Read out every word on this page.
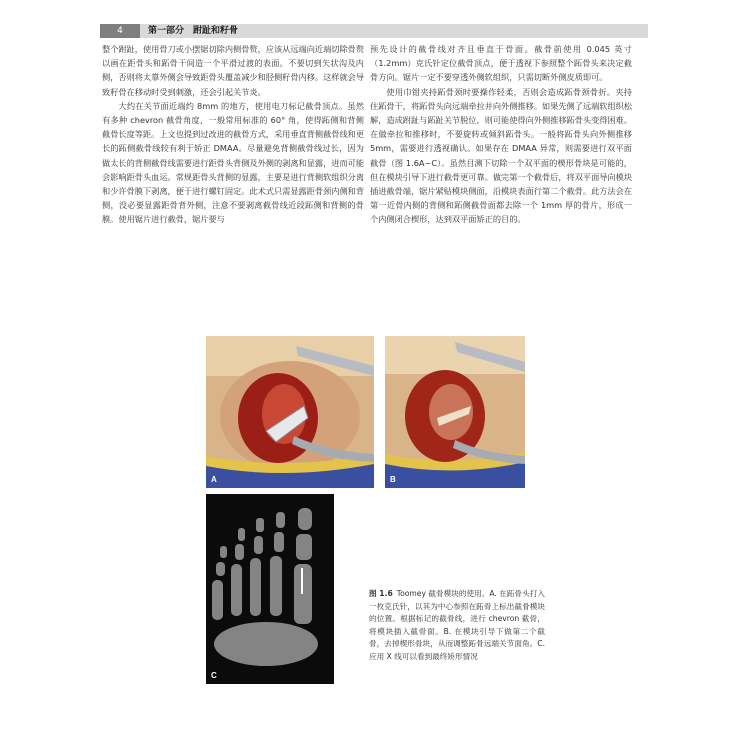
4	第一部分　跗趾和籽骨

整个跗趾，使用骨刀或小摆锯切除内侧骨赘，应该从远端向近端切除骨赘以画在距骨头和跖骨干间造一个平滑过渡的表面。不要切到矢状沟及内侧，否则将太靠外侧会导致距骨头覆盖减少和胫侧籽骨内移。这样就会导致籽骨在移动时受到刺激，还会引起关节炎。

大约在关节面近端约 8mm 的地方，使用电刀标记截骨顶点。虽然有多种 chevron 截骨角度，一般常用标准的 60° 角，使得跖侧和背侧截骨长度等距。上文也提到过改进的截骨方式，采用垂直背侧截骨线和更长的跖侧截骨线较有利于矫正 DMAA。尽量避免背侧截骨线过长，因为做太长的背侧截骨线需要进行距骨头背侧及外侧的剥离和显露，进而可能会影响距骨头血运。常规距骨头背侧的显露，主要是进行背侧软组织分离和少许骨膜下剥离，便于进行螺钉固定。此术式只需显露距骨颈内侧和背侧，没必要显露距骨背外侧，注意不要剥离截骨线近段跖侧和背侧的骨膜。使用锯片进行截骨，锯片要与

预先设计的截骨线对齐且垂直于骨面。截骨前使用 0.045 英寸（1.2mm）克氏针定位截骨顶点，便于透视下参照整个跖骨头来决定截骨方向。锯片一定不要穿透外侧软组织，只需切断外侧皮质即可。

使用巾钳夹持跖骨颈时要操作轻柔，否则会造成跖骨颈骨折。夹持住跖骨干，将跖骨头向远端牵拉并向外侧推移。如果先侧了远端软组织松解，造成跗趾与跖趾关节脱位，则可能使得向外侧推移跖骨头变得困难。在做牵拉和推移时，不要旋转或倾斜跖骨头。一般将跖骨头向外侧推移 5mm，需要进行透视确认。如果存在 DMAA 异常，则需要进行双平面截骨（图 1.6A~C）。虽然目测下切除一个双平面的楔形骨块是可能的，但在模块引导下进行截骨更可靠。做完第一个截骨后，将双平面导向模块插进截骨端，锯片紧贴模块侧面，沿模块表面行第二个截骨。此方法会在第一近骨内侧的背侧和跖侧截骨面都去除一个 1mm 厚的骨片，形成一个内侧闭合楔形，达到双平面矫正的目的。

A	B
C
图 1.6 Toomey 截骨模块的使用。A. 在跖骨头打入一枚克氏针，以其为中心参照在跖骨上标出截骨模块的位置。根据标记的截骨线，进行 chevron 截骨，将模块插入截骨面。B. 在模块引导下做第二个截骨，去掉楔形骨块，从而调整跖骨远端关节面角。C. 应用 X 线可以看到最终矫形情况
